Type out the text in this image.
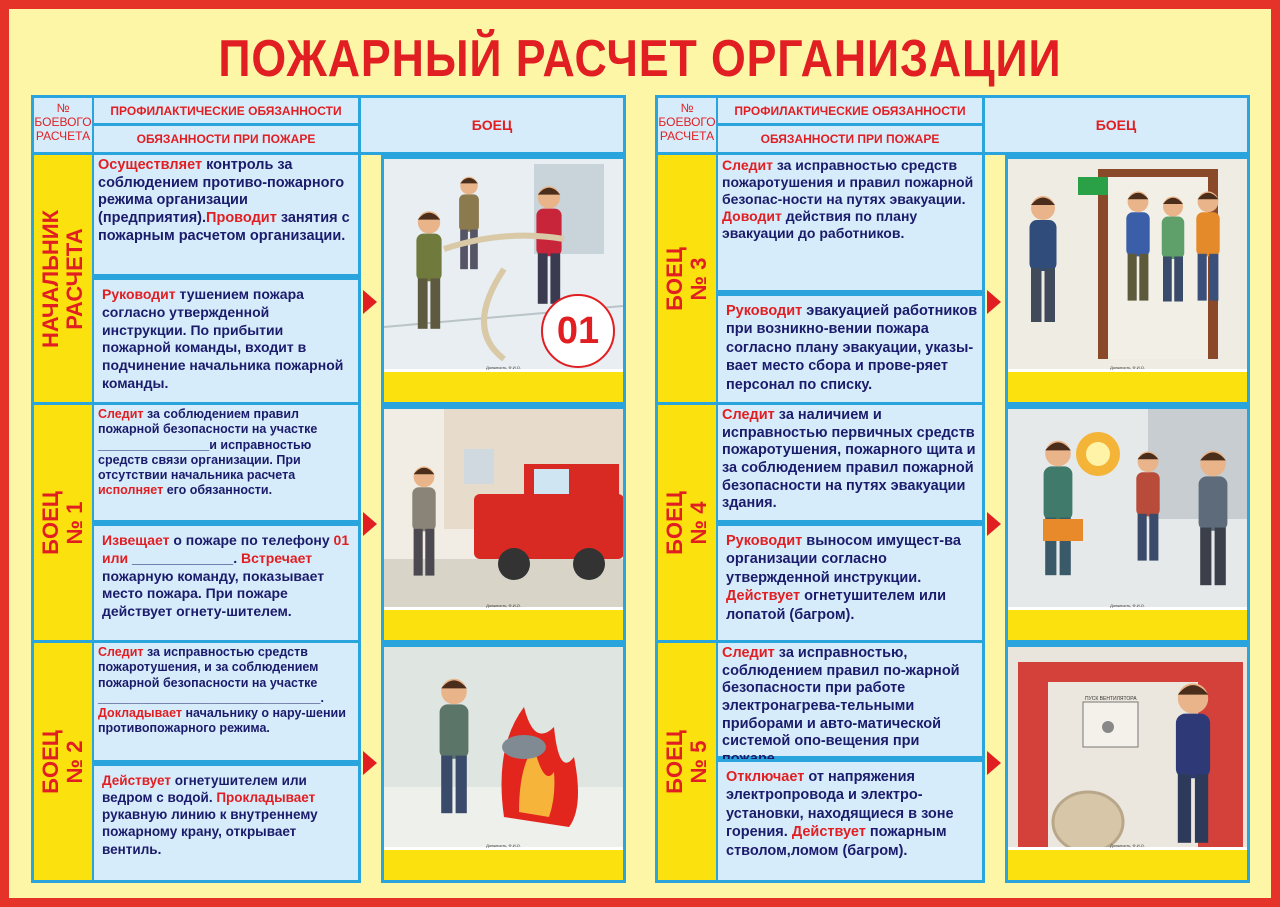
ПОЖАРНЫЙ РАСЧЕТ ОРГАНИЗАЦИИ
№
БОЕВОГО
РАСЧЕТА
ПРОФИЛАКТИЧЕСКИЕ ОБЯЗАННОСТИ
ОБЯЗАННОСТИ ПРИ ПОЖАРЕ
БОЕЦ
НАЧАЛЬНИК
РАСЧЕТА

Осуществляет контроль за соблюдением противо-пожарного режима организации (предприятия).Проводит занятия с пожарным расчетом организации.

Руководит тушением пожара согласно утвержденной инструкции. По прибытии пожарной команды, входит в подчинение начальника пожарной команды.

Должность, Ф.И.О.
01
БОЕЦ
№ 1

Следит за соблюдением правил пожарной безопасности на участке ________________и исправностью средств связи организации. При отсутствии начальника расчета исполняет его обязанности.

Извещает о пожаре по телефону 01 или _____________. Встречает пожарную команду, показывает место пожара. При пожаре действует огнету-шителем.	Должность, Ф.И.О.
БОЕЦ
№ 2

Следит за исправностью средств пожаротушения, и за соблюдением пожарной безопасности на участке ________________________________. Докладывает начальнику о нару-шении противопожарного режима.

Действует огнетушителем или ведром с водой. Прокладывает рукавную линию к внутреннему пожарному крану, открывает вентиль.	Должность, Ф.И.О.
№
БОЕВОГО
РАСЧЕТА
ПРОФИЛАКТИЧЕСКИЕ ОБЯЗАННОСТИ
ОБЯЗАННОСТИ ПРИ ПОЖАРЕ
БОЕЦ
БОЕЦ
№ 3

Следит за исправностью средств пожаротушения и правил пожарной безопас-ности на путях эвакуации. Доводит действия по плану эвакуации до работников.

Руководит эвакуацией работников при возникно-вении пожара согласно плану эвакуации, указы-вает место сбора и прове-ряет персонал по списку.

Должность, Ф.И.О.
БОЕЦ
№ 4

Следит за наличием и исправностью первичных средств пожаротушения, пожарного щита и за соблюдением правил пожарной безопасности на путях эвакуации здания.

Руководит выносом имущест-ва организации согласно утвержденной инструкции. Действует огнетушителем или лопатой (багром).

Должность, Ф.И.О.
БОЕЦ
№ 5

Следит за исправностью, соблюдением правил по-жарной безопасности при работе электронагрева-тельными приборами и авто-матической системой опо-вещения при

Отключает от напряжения электропровода и электро-установки, находящиеся в зоне горения. Действует пожарным стволом,ломом (багром).

ПУСК ВЕНТИЛЯТОРА
Должность, Ф.И.О.
